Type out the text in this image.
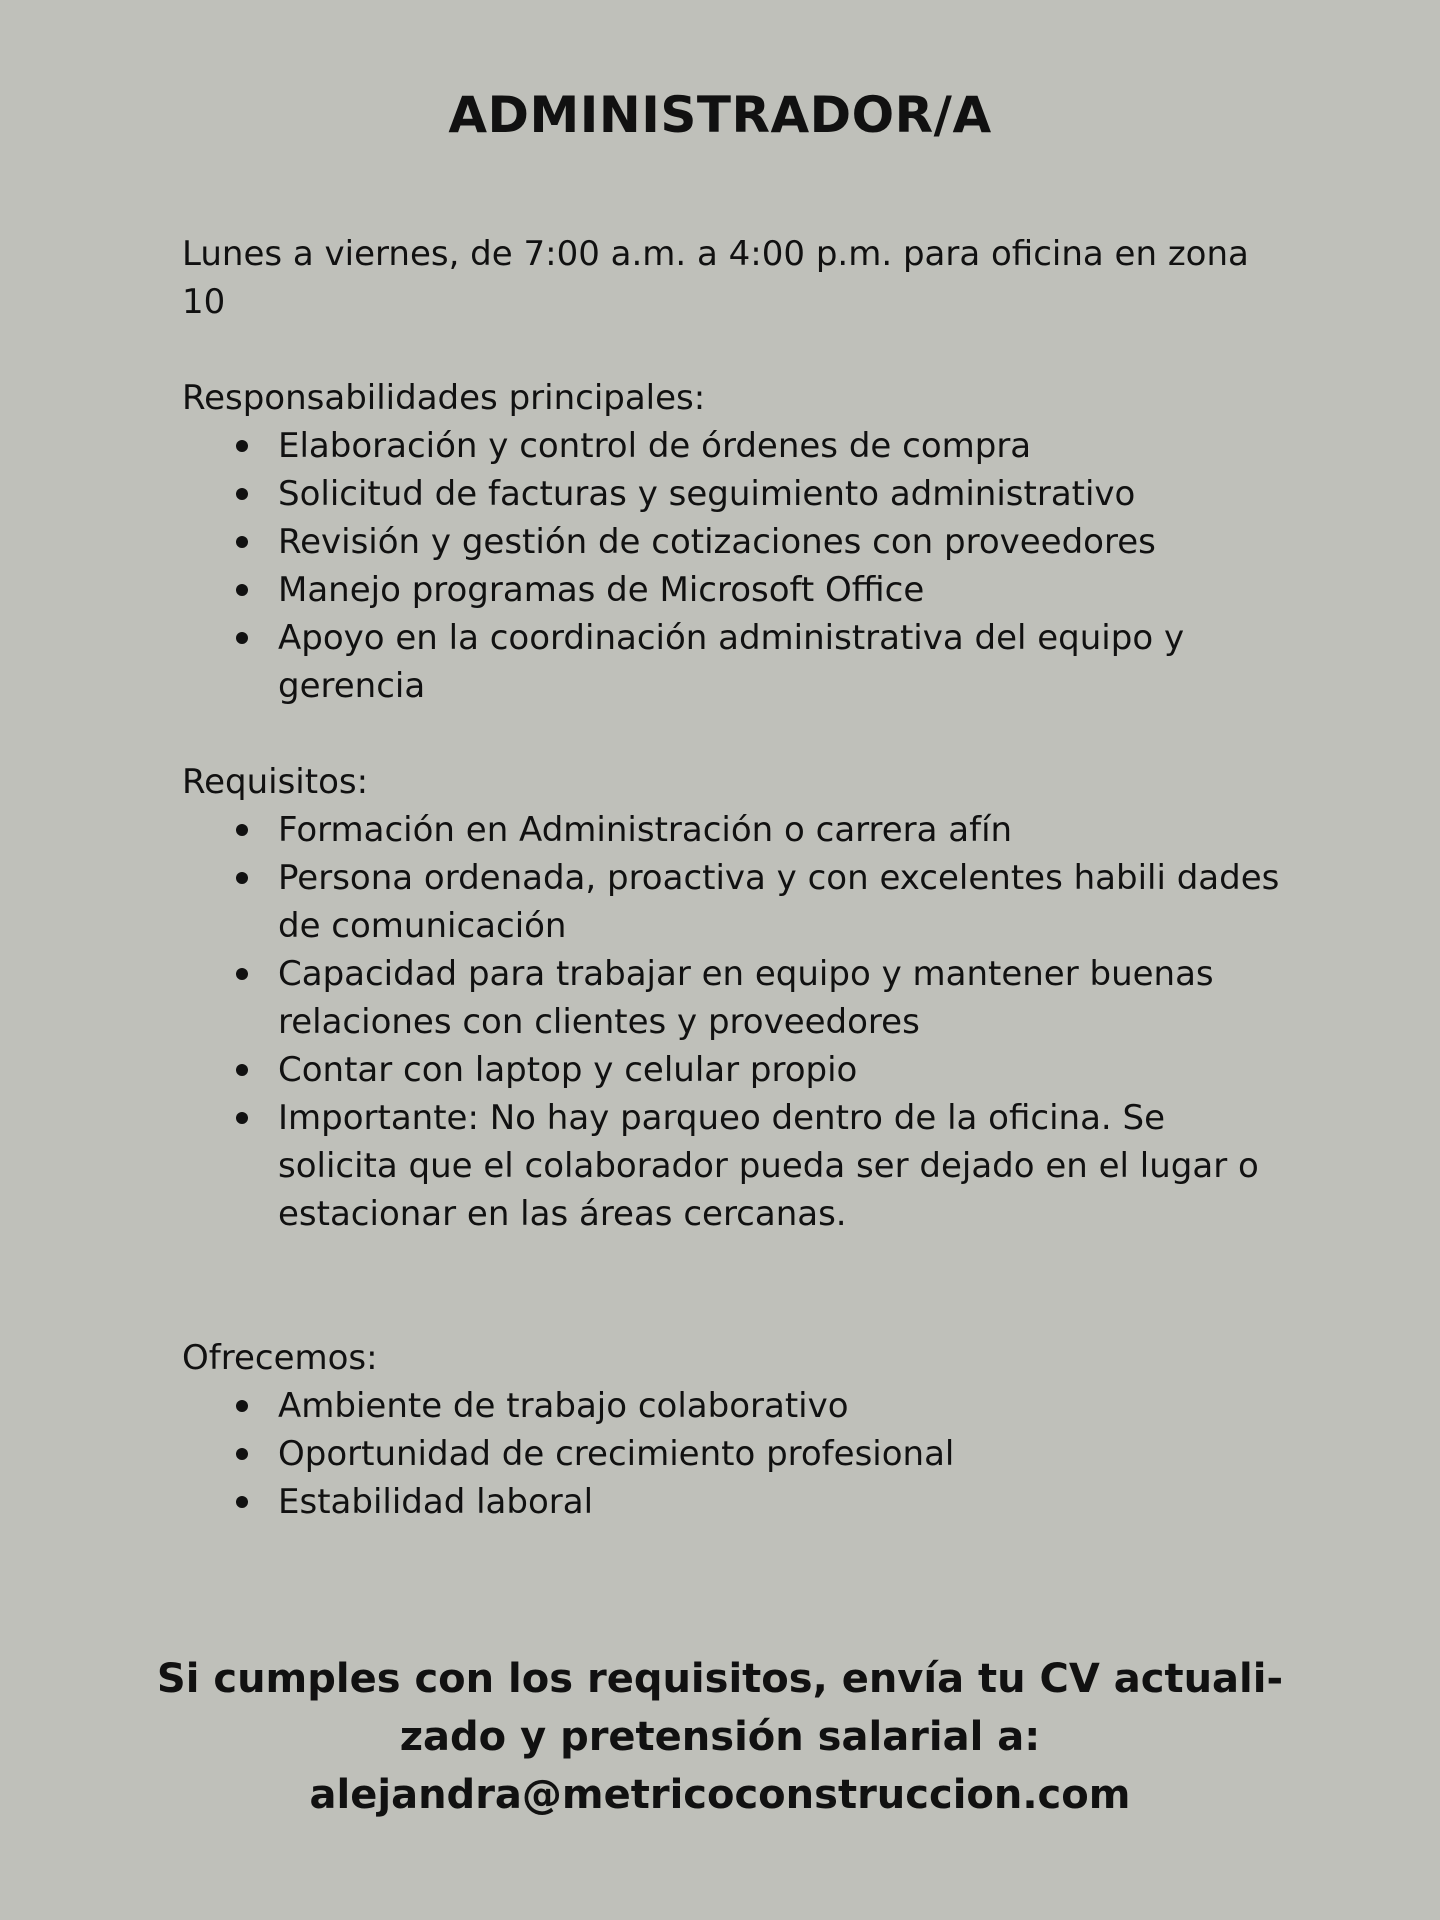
ADMINISTRADOR/A

Lunes a viernes, de 7:00 a.m. a 4:00 p.m. para oficina en zona 10

Responsabilidades principales:

Elaboración y control de órdenes de compra
Solicitud de facturas y seguimiento administrativo
Revisión y gestión de cotizaciones con proveedores
Manejo programas de Microsoft Office
Apoyo en la coordinación administrativa del equipo y gerencia

Requisitos:

Formación en Administración o carrera afín
Persona ordenada, proactiva y con excelentes habili dades de comunicación
Capacidad para trabajar en equipo y mantener buenas relaciones con clientes y proveedores
Contar con laptop y celular propio
Importante: No hay parqueo dentro de la oficina. Se solicita que el colaborador pueda ser dejado en el lugar o estacionar en las áreas cercanas.

Ofrecemos:

Ambiente de trabajo colaborativo
Oportunidad de crecimiento profesional
Estabilidad laboral

Si cumples con los requisitos, envía tu CV actuali-

zado y pretensión salarial a:

alejandra@metricoconstruccion.com
